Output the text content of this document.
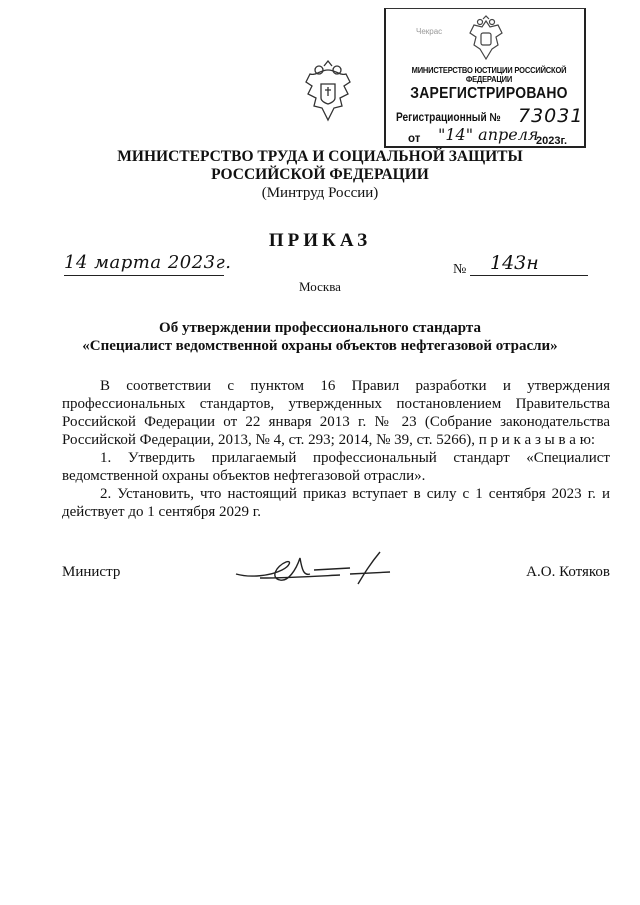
Чекрас
МИНИСТЕРСТВО ЮСТИЦИИ РОССИЙСКОЙ ФЕДЕРАЦИИ
ЗАРЕГИСТРИРОВАНО
Регистрационный № 73031
от "14" апреля
2023г.
МИНИСТЕРСТВО ТРУДА И СОЦИАЛЬНОЙ ЗАЩИТЫ
РОССИЙСКОЙ ФЕДЕРАЦИИ
(Минтруд России)
ПРИКАЗ
14 марта 2023г.	№ 143н
Москва
Об утверждении профессионального стандарта
«Специалист ведомственной охраны объектов нефтегазовой отрасли»

В соответствии с пунктом 16 Правил разработки и утверждения профессиональных стандартов, утвержденных постановлением Правительства Российской Федерации от 22 января 2013 г. № 23 (Собрание законодательства Российской Федерации, 2013, № 4, ст. 293; 2014, № 39, ст. 5266), п р и к а з ы в а ю:

1. Утвердить прилагаемый профессиональный стандарт «Специалист ведомственной охраны объектов нефтегазовой отрасли».

2. Установить, что настоящий приказ вступает в силу с 1 сентября 2023 г. и действует до 1 сентября 2029 г.

Министр	А.О. Котяков
